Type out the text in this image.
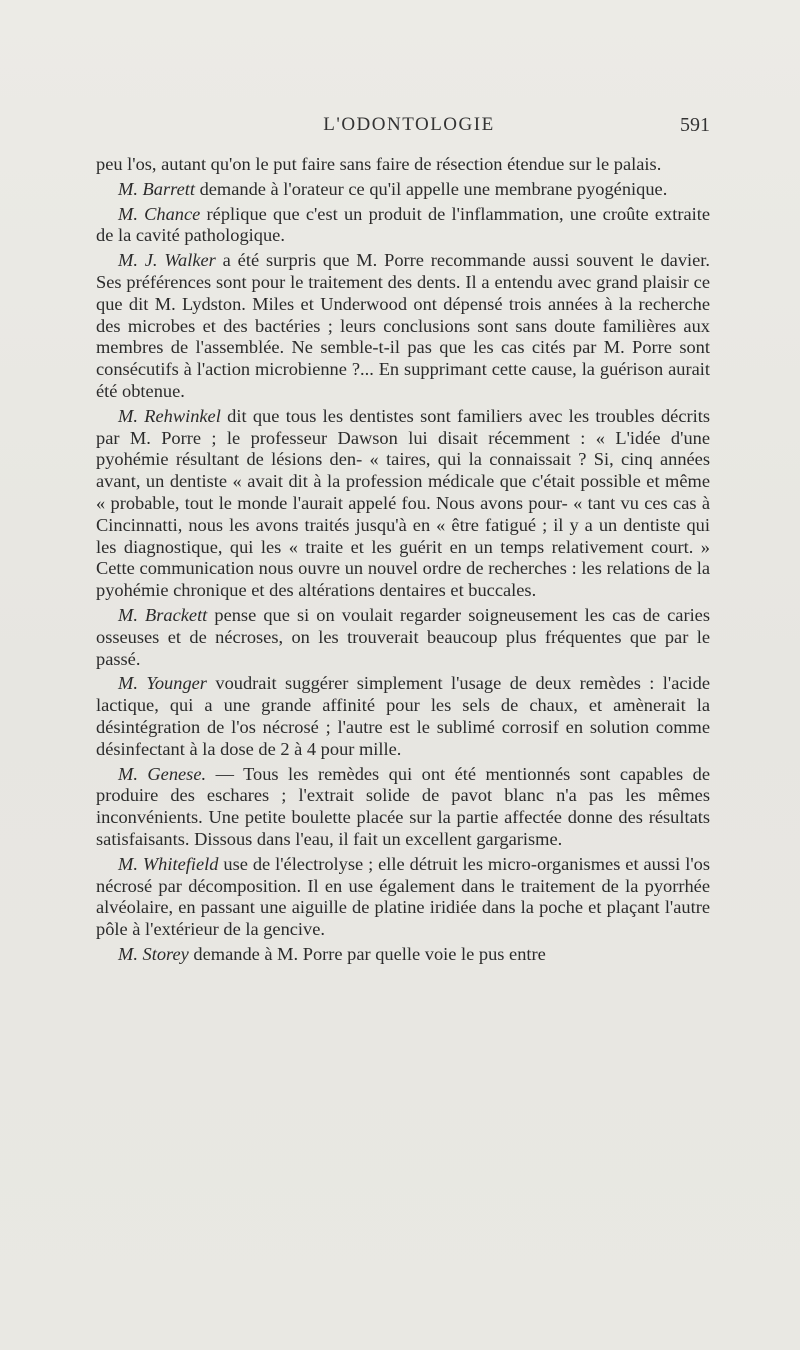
L'ODONTOLOGIE	591

peu l'os, autant qu'on le put faire sans faire de résection étendue sur le palais.

M. Barrett demande à l'orateur ce qu'il appelle une membrane pyogénique.

M. Chance réplique que c'est un produit de l'inflammation, une croûte extraite de la cavité pathologique.

M. J. Walker a été surpris que M. Porre recommande aussi souvent le davier. Ses préférences sont pour le traitement des dents. Il a entendu avec grand plaisir ce que dit M. Lydston. Miles et Underwood ont dépensé trois années à la recherche des microbes et des bactéries ; leurs conclusions sont sans doute familières aux membres de l'assemblée. Ne semble-t-il pas que les cas cités par M. Porre sont consécutifs à l'action microbienne ?... En supprimant cette cause, la guérison aurait été obtenue.

M. Rehwinkel dit que tous les dentistes sont familiers avec les troubles décrits par M. Porre ; le professeur Dawson lui disait récemment : « L'idée d'une pyohémie résultant de lésions den- « taires, qui la connaissait ? Si, cinq années avant, un dentiste « avait dit à la profession médicale que c'était possible et même « probable, tout le monde l'aurait appelé fou. Nous avons pour- « tant vu ces cas à Cincinnatti, nous les avons traités jusqu'à en « être fatigué ; il y a un dentiste qui les diagnostique, qui les « traite et les guérit en un temps relativement court. » Cette communication nous ouvre un nouvel ordre de recherches : les relations de la pyohémie chronique et des altérations dentaires et buccales.

M. Brackett pense que si on voulait regarder soigneusement les cas de caries osseuses et de nécroses, on les trouverait beaucoup plus fréquentes que par le passé.

M. Younger voudrait suggérer simplement l'usage de deux remèdes : l'acide lactique, qui a une grande affinité pour les sels de chaux, et amènerait la désintégration de l'os nécrosé ; l'autre est le sublimé corrosif en solution comme désinfectant à la dose de 2 à 4 pour mille.

M. Genese. — Tous les remèdes qui ont été mentionnés sont capables de produire des eschares ; l'extrait solide de pavot blanc n'a pas les mêmes inconvénients. Une petite boulette placée sur la partie affectée donne des résultats satisfaisants. Dissous dans l'eau, il fait un excellent gargarisme.

M. Whitefield use de l'électrolyse ; elle détruit les micro-organismes et aussi l'os nécrosé par décomposition. Il en use également dans le traitement de la pyorrhée alvéolaire, en passant une aiguille de platine iridiée dans la poche et plaçant l'autre pôle à l'extérieur de la gencive.

M. Storey demande à M. Porre par quelle voie le pus entre
